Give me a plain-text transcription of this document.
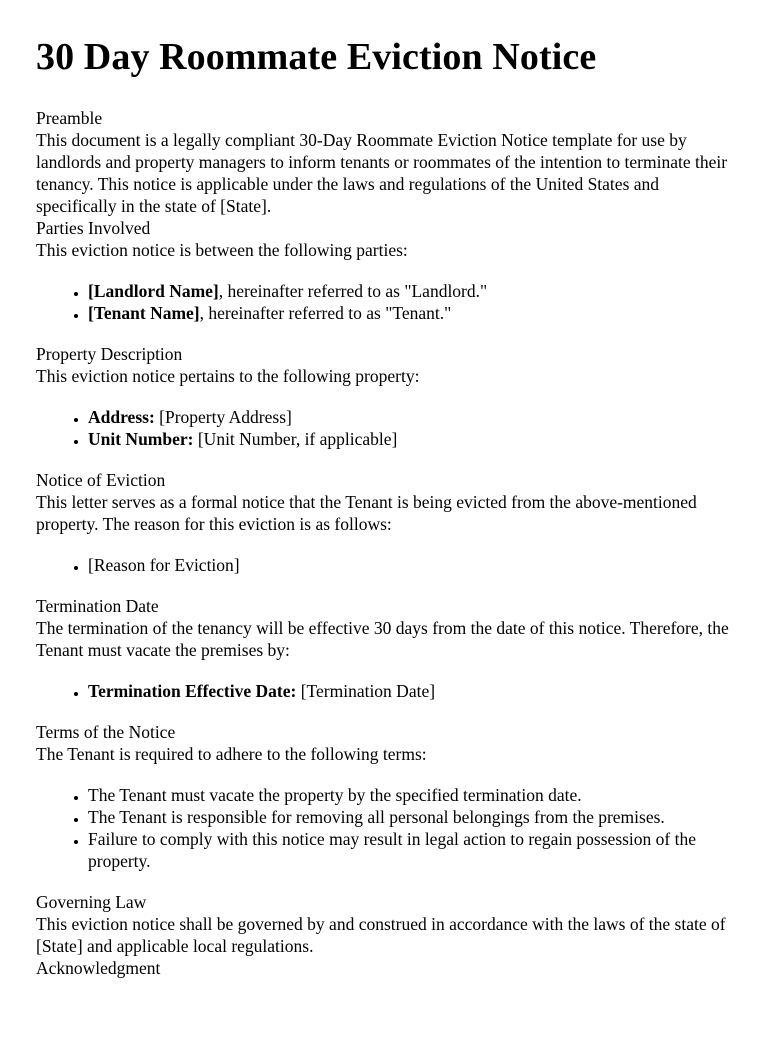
30 Day Roommate Eviction Notice

Preamble

This document is a legally compliant 30-Day Roommate Eviction Notice template for use by landlords and property managers to inform tenants or roommates of the intention to terminate their tenancy. This notice is applicable under the laws and regulations of the United States and specifically in the state of [State].

Parties Involved

This eviction notice is between the following parties:

• [Landlord Name], hereinafter referred to as "Landlord."
• [Tenant Name], hereinafter referred to as "Tenant."

Property Description

This eviction notice pertains to the following property:

• Address: [Property Address]
• Unit Number: [Unit Number, if applicable]

Notice of Eviction

This letter serves as a formal notice that the Tenant is being evicted from the above-mentioned property. The reason for this eviction is as follows:

• [Reason for Eviction]

Termination Date

The termination of the tenancy will be effective 30 days from the date of this notice. Therefore, the Tenant must vacate the premises by:

• Termination Effective Date: [Termination Date]

Terms of the Notice

The Tenant is required to adhere to the following terms:

• The Tenant must vacate the property by the specified termination date.
• The Tenant is responsible for removing all personal belongings from the premises.
• Failure to comply with this notice may result in legal action to regain possession of the property.

Governing Law

This eviction notice shall be governed by and construed in accordance with the laws of the state of [State] and applicable local regulations.

Acknowledgment
